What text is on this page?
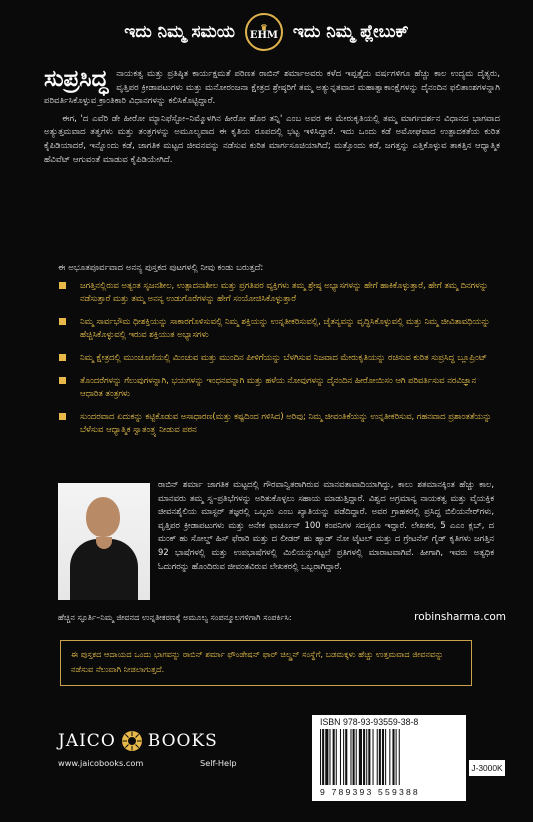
ಇದು ನಿಮ್ಮ ಸಮಯ	♛
EHM ಇದು ನಿಮ್ಮ ಪ್ಲೇಬುಕ್
ಸುಪ್ರಸಿದ್ಧ ನಾಯಕತ್ವ ಮತ್ತು ಪ್ರತಿಷ್ಠಿತ ಕಾರ್ಯಕ್ಷಮತೆ ಪರಿಣತ ರಾಬಿನ್ ಶರ್ಮಾಅವರು ಕಳೆದ ಇಪ್ಪತ್ತೈದು ವರ್ಷಗಳಿಗೂ ಹೆಚ್ಚು ಕಾಲ ಉದ್ಯಮ ದೈತ್ಯರು, ವೃತ್ತಿಪರ ಕ್ರೀಡಾಪಟುಗಳು ಮತ್ತು ಮನೋರಂಜನಾ ಕ್ಷೇತ್ರದ ಶ್ರೇಷ್ಠರಿಗೆ ತಮ್ಮ ಅತ್ಯುನ್ನತವಾದ ಮಹಾತ್ವಾಕಾಂಕ್ಷೆಗಳನ್ನು ದೈನಂದಿನ ಫಲಿತಾಂಶಗಳನ್ನಾಗಿ ಪರಿವರ್ತಿಸಿಕೊಳ್ಳುವ ಕ್ರಾಂತಿಕಾರಿ ವಿಧಾನಗಳನ್ನು ಕಲಿಸಿಕೊಟ್ಟಿದ್ದಾರೆ.
ಈಗ, 'ದ ಎವೆರಿ ಡೇ ಹೀರೋ ಮ್ಯಾನಿಫೆಸ್ಟೋ–ನಿಮ್ಮೊಳಗಿನ ಹೀರೋ ಹೊರ ತನ್ನಿ' ಎಂಬ ಅವರ ಈ ಮೇರುಕೃತಿಯಲ್ಲಿ ತಮ್ಮ ಮಾರ್ಗದರ್ಶನ ವಿಧಾನದ ಭಾಗವಾದ ಅತ್ಯುತ್ತಮವಾದ ತತ್ವಗಳು ಮತ್ತು ತಂತ್ರಗಳನ್ನು ಅಮೂಲ್ಯವಾದ ಈ ಕೃತಿಯ ರೂಪದಲ್ಲಿ ಭಟ್ಟ ಇಳಿಸಿದ್ದಾರೆ. ಇದು ಒಂದು ಕಡೆ ಅಮೋಘವಾದ ಉತ್ಪಾದಕತೆಯ ಕುರಿತ ಕೈಪಿಡಿಯಾದರೆ, ಇನ್ನೊಂದು ಕಡೆ, ಜಾಗತಿಕ ಮಟ್ಟದ ಜೀವನವನ್ನು ನಡೆಸುವ ಕುರಿತ ಮಾರ್ಗಸೂಚಿಯಾಗಿದೆ; ಮತ್ತೊಂದು ಕಡೆ, ಜಗತ್ತನ್ನು ಎತ್ತಿಕೊಳ್ಳುವ ತಾಕತ್ತಿನ ಆಧ್ಯಾತ್ಮಿಕ ಹೆವಿವೆಟ್ ಆಗುವಂತೆ ಮಾಡುವ ಕೈಪಿಡಿಯೇಗಿದೆ.
ಈ ಅಭೂತಪೂರ್ವವಾದ ಅನನ್ಯ ಪುಸ್ತಕದ ಪುಟಗಳಲ್ಲಿ ನೀವು ಕಂಡು ಬರುತ್ತದೆ:
ಜಗತ್ತಿನಲ್ಲಿರುವ ಅತ್ಯಂತ ಸೃಜನಶೀಲ, ಉತ್ಪಾದನಾಶೀಲ ಮತ್ತು ಪ್ರಗತಿಪರ ವ್ಯಕ್ತಿಗಳು ತಮ್ಮ ಶ್ರೇಷ್ಠ ಅಭ್ಯಾಸಗಳನ್ನು ಹೇಗೆ ಹಾಕಿಕೊಳ್ಳುತ್ತಾರೆ, ಹೇಗೆ ತಮ್ಮ ದಿನಗಳನ್ನು ನಡೆಸುತ್ತಾರೆ ಮತ್ತು ತಮ್ಮ ಅನನ್ಯ ಉಡುಗೊರೆಗಳನ್ನು ಹೇಗೆ ಸಂಯೋಜಿಸಿಕೊಳ್ಳುತ್ತಾರೆ
ನಿಮ್ಮ ಸಾರ್ವಭೌಮ ಧೀಶಕ್ತಿಯನ್ನು ಸಾಕಾರಗೊಳಿಸುವಲ್ಲಿ ನಿಮ್ಮ ಶಕ್ತಿಯನ್ನು ಉನ್ನತೀಕರಿಸುವಲ್ಲಿ, ಚೈತನ್ಯವನ್ನು ವೃದ್ಧಿಸಿಕೊಳ್ಳುವಲ್ಲಿ ಮತ್ತು ನಿಮ್ಮ ಜೀವಿತಾವಧಿಯನ್ನು ಹೆಚ್ಚಿಸಿಕೊಳ್ಳುವಲ್ಲಿ ಇರುವ ಶಕ್ತಿಯುತ ಅಭ್ಯಾಸಗಳು
ನಿಮ್ಮ ಕ್ಷೇತ್ರದಲ್ಲಿ ಮುಂಚೂಣಿಯಲ್ಲಿ ಮಿಂಚುವ ಮತ್ತು ಮುಂದಿನ ಪೀಳಿಗೆಯನ್ನು ಬೆಳಗಿಸುವ ನಿಜವಾದ ಮೇರುಕೃತಿಯನ್ನು ರಚಿಸುವ ಕುರಿತ ಸುಪ್ರಸಿದ್ಧ ಬ್ಲೂಪ್ರಿಂಟ್
ತೊಂದರೆಗಳನ್ನು ಗೆಲುವುಗಳನ್ನಾಗಿ, ಭಯಗಳನ್ನು ಇಂಧನವನ್ನಾಗಿ ಮತ್ತು ಹಳೆಯ ನೋವುಗಳನ್ನು ದೈನಂದಿನ ಹೀರೋಯಿಸಂ ಆಗಿ ಪರಿವರ್ತಿಸುವ ನರವಿಜ್ಞಾನ ಆಧಾರಿತ ತಂತ್ರಗಳು
ಸುಂದರವಾದ ಏದುಕನ್ನು ಕಟ್ಟಿಕೊಡುವ ಅಸಾಧಾರಣ(ಮತ್ತು ಕಷ್ಟದಿಂದ ಗಳಿಸಿದ) ಅರಿವು; ನಿಮ್ಮ ಜೀವಂತಿಕೆಯನ್ನು ಉನ್ನತೀಕರಿಸುವ, ಗಹನವಾದ ಪ್ರಶಾಂತತೆಯನ್ನು ಬೆಳೆಸುವ ಆಧ್ಯಾತ್ಮಿಕ ಸ್ವಾತಂತ್ರ್ಯ ನೀಡುವ ಪಠನ
ರಾಬಿನ್ ಶರ್ಮಾ ಜಾಗತಿಕ ಮಟ್ಟದಲ್ಲಿ ಗೌರವಾನ್ವಿತರಾಗಿರುವ ಮಾನವತಾವಾದಿಯಾಗಿದ್ದು, ಕಾಲು ಶತಮಾನಕ್ಕಿಂತ ಹೆಚ್ಚು ಕಾಲ, ಮಾನವರು ತಮ್ಮ ಸ್ವ–ಪ್ರತಿಭೆಗಳನ್ನು ಅರಿತುಕೊಳ್ಳಲು ಸಹಾಯ ಮಾಡುತ್ತಿದ್ದಾರೆ. ವಿಶ್ವದ ಅಗ್ರಮಾನ್ಯ ನಾಯಕತ್ವ ಮತ್ತು ವೈಯಕ್ತಿಕ ಜೀವನಶೈಲಿಯ ಮಾಸ್ಟರ್ ತಜ್ಞರಲ್ಲಿ ಒಬ್ಬರು ಎಂಬ ಖ್ಯಾತಿಯನ್ನು ಪಡೆದಿದ್ದಾರೆ. ಅವರ ಗ್ರಾಹಕರಲ್ಲಿ ಪ್ರಸಿದ್ಧ ಬಿಲಿಯನೇರ್‌ಗಳು, ವೃತ್ತಿಪರ ಕ್ರೀಡಾಪಟುಗಳು ಮತ್ತು ಅನೇಕ ಫಾರ್ಚೂನ್ 100 ಕಂಪನಿಗಳ ಸದಸ್ಯರೂ ಇದ್ದಾರೆ. ಲೇಖಕರ, 5 ಎಎಂ ಕ್ಲಬ್, ದ ಮಂಕ್ ಹು ಸೋಲ್ಡ್ ಹಿಸ್ ಫೆರಾರಿ ಮತ್ತು ದ ಲೀಡರ್ ಹು ಹ್ಯಾಡ್ ನೋ ಟೈಟಲ್ ಮತ್ತು ದ ಗ್ರೇಟನೆಸ್ ಗೈಡ್ ಕೃತಿಗಳು ಜಗತ್ತಿನ 92 ಭಾಷೆಗಳಲ್ಲಿ ಮತ್ತು ಉಪಭಾಷೆಗಳಲ್ಲಿ ಮಿಲಿಯನ್ನುಗಟ್ಟಲೆ ಪ್ರತಿಗಳಲ್ಲಿ ಮಾರಾಟವಾಗಿವೆ. ಹೀಗಾಗಿ, ಇವರು ಅತ್ಯಧಿಕ ಓದುಗರನ್ನು ಹೊಂದಿರುವ ಜೀವಂತವಿರುವ ಲೇಖಕರಲ್ಲಿ ಒಬ್ಬರಾಗಿದ್ದಾರೆ.
ಹೆಚ್ಚಿನ ಸ್ಫೂರ್ತಿ–ನಿಮ್ಮ ಜೀವನದ ಉನ್ನತೀಕರಣಕ್ಕೆ ಅಮೂಲ್ಯ ಸಂಪನ್ಮೂಲಗಳಿಗಾಗಿ ಸಂಪರ್ಕಿಸಿ:	robinsharma.com
ಈ ಪುಸ್ತಕದ ಆದಾಯದ ಒಂದು ಭಾಗವನ್ನು ರಾಬಿನ್ ಶರ್ಮಾ ಫೌಂಡೇಷನ್ ಫಾರ್ ಚಿಲ್ಡ್ರನ್ ಸಂಸ್ಥೆಗೆ, ಬಡಮಕ್ಕಳು ಹೆಚ್ಚು ಉತ್ತಮವಾದ ಜೀವನವನ್ನು ನಡೆಸುವ ನೆಲುವಾಗಿ ನೀಡಲಾಗುತ್ತದೆ.
JAICO BOOKS
www.jaicobooks.com	Self-Help
ISBN 978-93-93559-38-8
9 789393 559388
J-3000K
